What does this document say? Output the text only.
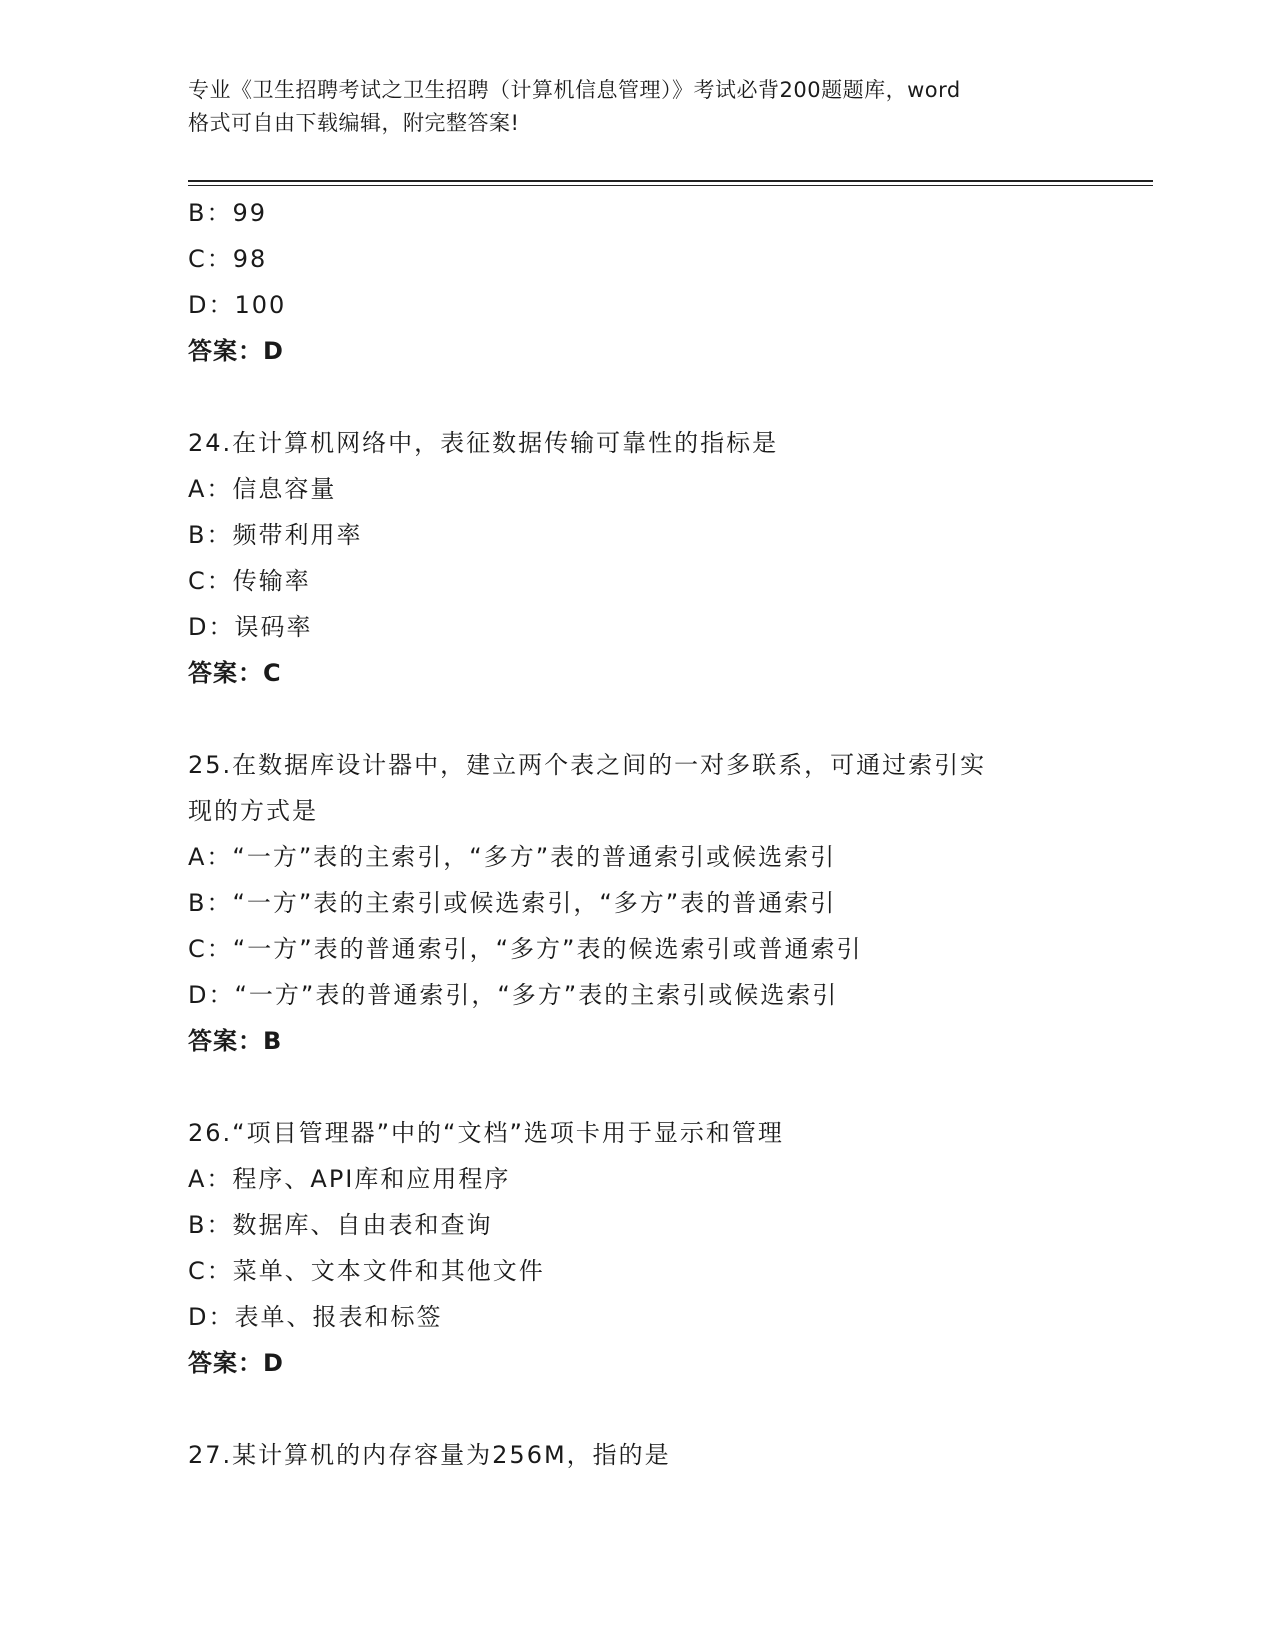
专业《卫生招聘考试之卫生招聘（计算机信息管理）》考试必背200题题库，word
格式可自由下载编辑，附完整答案!
B：99
C：98
D：100
答案：D
24.在计算机网络中，表征数据传输可靠性的指标是
A：信息容量
B：频带利用率
C：传输率
D：误码率
答案：C
25.在数据库设计器中，建立两个表之间的一对多联系，可通过索引实
现的方式是
A：“一方”表的主索引，“多方”表的普通索引或候选索引
B：“一方”表的主索引或候选索引，“多方”表的普通索引
C：“一方”表的普通索引，“多方”表的候选索引或普通索引
D：“一方”表的普通索引，“多方”表的主索引或候选索引
答案：B
26.“项目管理器”中的“文档”选项卡用于显示和管理
A：程序、API库和应用程序
B：数据库、自由表和查询
C：菜单、文本文件和其他文件
D：表单、报表和标签
答案：D
27.某计算机的内存容量为256M，指的是
